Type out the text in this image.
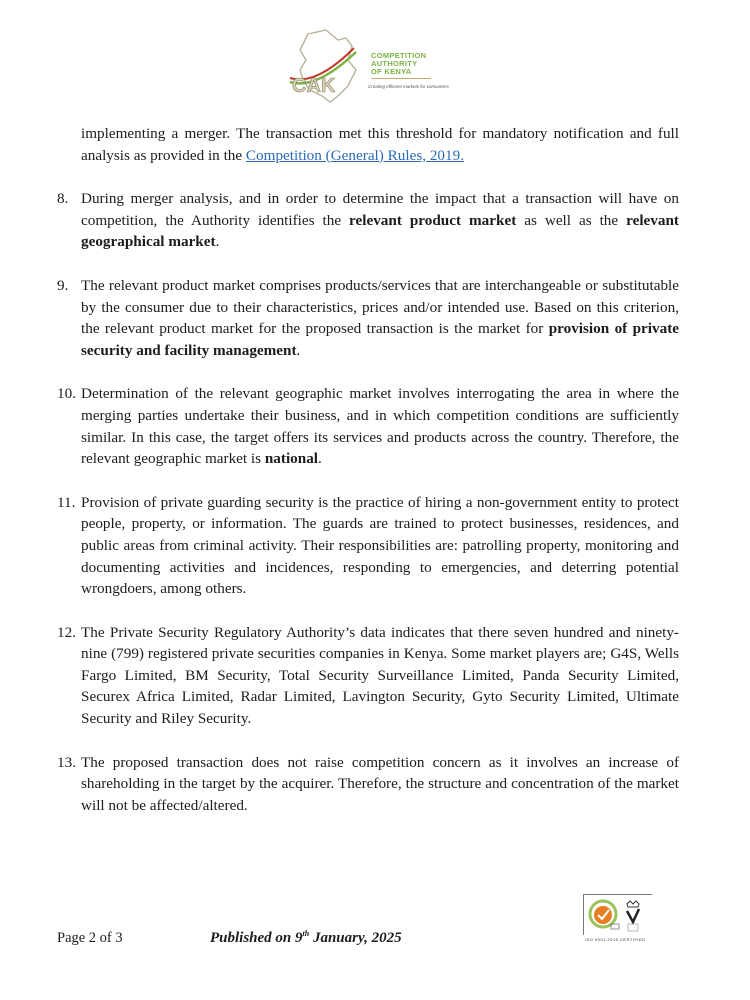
CAK
COMPETITION
AUTHORITY
OF KENYA
Creating efficient markets for consumers

implementing a merger. The transaction met this threshold for mandatory notification and full analysis as provided in the Competition (General) Rules, 2019.

8. During merger analysis, and in order to determine the impact that a transaction will have on competition, the Authority identifies the relevant product market as well as the relevant geographical market.
9. The relevant product market comprises products/services that are interchangeable or substitutable by the consumer due to their characteristics, prices and/or intended use. Based on this criterion, the relevant product market for the proposed transaction is the market for provision of private security and facility management.
10. Determination of the relevant geographic market involves interrogating the area in where the merging parties undertake their business, and in which competition conditions are sufficiently similar. In this case, the target offers its services and products across the country. Therefore, the relevant geographic market is national.
11. Provision of private guarding security is the practice of hiring a non-government entity to protect people, property, or information. The guards are trained to protect businesses, residences, and public areas from criminal activity. Their responsibilities are: patrolling property, monitoring and documenting activities and incidences, responding to emergencies, and deterring potential wrongdoers, among others.
12. The Private Security Regulatory Authority’s data indicates that there seven hundred and ninety-nine (799) registered private securities companies in Kenya. Some market players are; G4S, Wells Fargo Limited, BM Security, Total Security Surveillance Limited, Panda Security Limited, Securex Africa Limited, Radar Limited, Lavington Security, Gyto Security Limited, Ultimate Security and Riley Security.
13. The proposed transaction does not raise competition concern as it involves an increase of shareholding in the target by the acquirer. Therefore, the structure and concentration of the market will not be affected/altered.
Page 2 of 3	Published on 9th January, 2025	ISO 9001:2015 CERTIFIED
